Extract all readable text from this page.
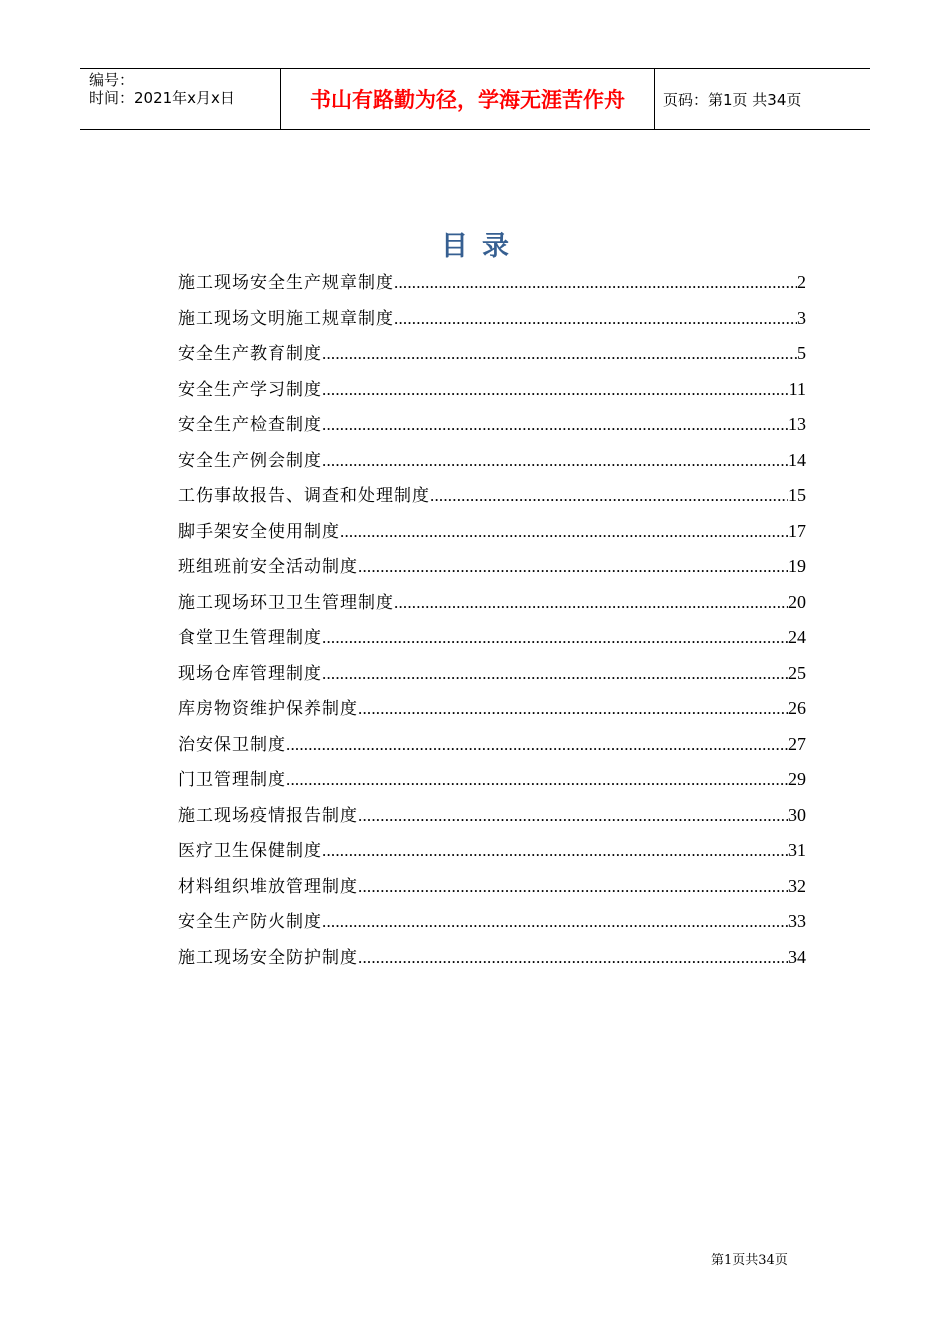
编号：
时间：2021年x月x日	书山有路勤为径，学海无涯苦作舟	页码：第1页 共34页
目录
施工现场安全生产规章制度 .....	2
施工现场文明施工规章制度 .....	3
安全生产教育制度 .....	5
安全生产学习制度 .....	11
安全生产检查制度 .....	13
安全生产例会制度 .....	14
工伤事故报告、调查和处理制度 .....	15
脚手架安全使用制度 .....	17
班组班前安全活动制度 .....	19
施工现场环卫卫生管理制度 .....	20
食堂卫生管理制度 .....	24
现场仓库管理制度 .....	25
库房物资维护保养制度 .....	26
治安保卫制度 .....	27
门卫管理制度 .....	29
施工现场疫情报告制度 .....	30
医疗卫生保健制度 .....	31
材料组织堆放管理制度 .....	32
安全生产防火制度 .....	33
施工现场安全防护制度 .....	34
第1页共34页
